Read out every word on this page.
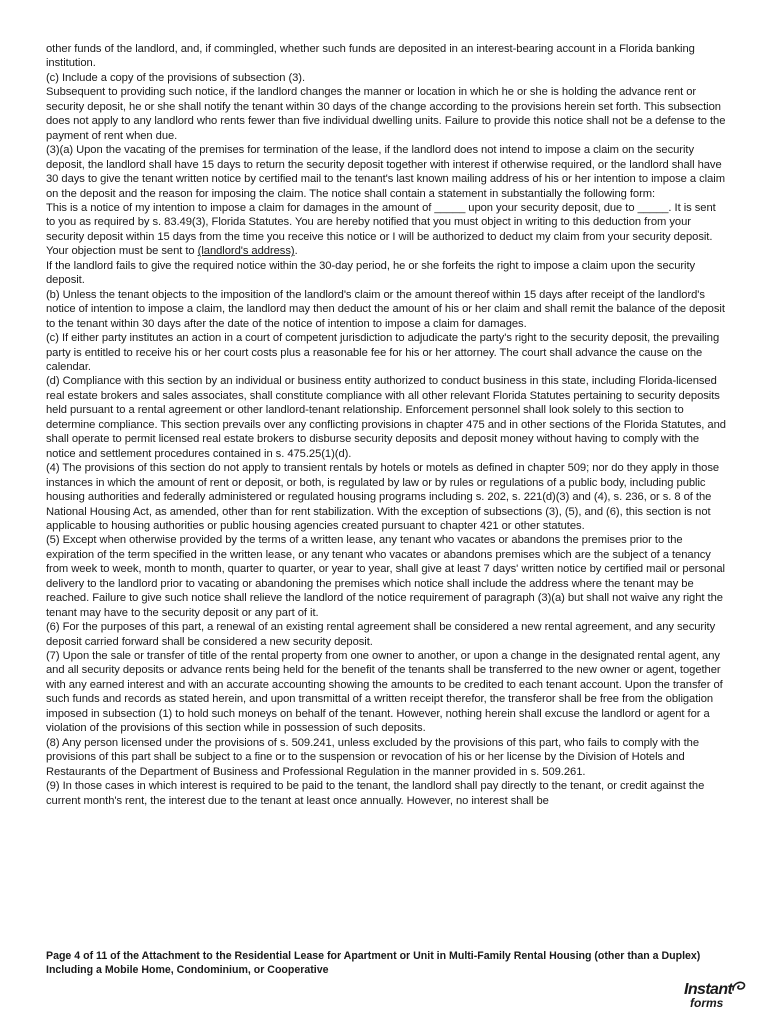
other funds of the landlord, and, if commingled, whether such funds are deposited in an interest-bearing account in a Florida banking institution.

(c) Include a copy of the provisions of subsection (3).

Subsequent to providing such notice, if the landlord changes the manner or location in which he or she is holding the advance rent or security deposit, he or she shall notify the tenant within 30 days of the change according to the provisions herein set forth. This subsection does not apply to any landlord who rents fewer than five individual dwelling units. Failure to provide this notice shall not be a defense to the payment of rent when due.

(3)(a) Upon the vacating of the premises for termination of the lease, if the landlord does not intend to impose a claim on the security deposit, the landlord shall have 15 days to return the security deposit together with interest if otherwise required, or the landlord shall have 30 days to give the tenant written notice by certified mail to the tenant's last known mailing address of his or her intention to impose a claim on the deposit and the reason for imposing the claim. The notice shall contain a statement in substantially the following form:

This is a notice of my intention to impose a claim for damages in the amount of _____ upon your security deposit, due to _____. It is sent to you as required by s. 83.49(3), Florida Statutes. You are hereby notified that you must object in writing to this deduction from your security deposit within 15 days from the time you receive this notice or I will be authorized to deduct my claim from your security deposit. Your objection must be sent to (landlord's address).

If the landlord fails to give the required notice within the 30-day period, he or she forfeits the right to impose a claim upon the security deposit.

(b) Unless the tenant objects to the imposition of the landlord's claim or the amount thereof within 15 days after receipt of the landlord's notice of intention to impose a claim, the landlord may then deduct the amount of his or her claim and shall remit the balance of the deposit to the tenant within 30 days after the date of the notice of intention to impose a claim for damages.

(c) If either party institutes an action in a court of competent jurisdiction to adjudicate the party's right to the security deposit, the prevailing party is entitled to receive his or her court costs plus a reasonable fee for his or her attorney. The court shall advance the cause on the calendar.

(d) Compliance with this section by an individual or business entity authorized to conduct business in this state, including Florida-licensed real estate brokers and sales associates, shall constitute compliance with all other relevant Florida Statutes pertaining to security deposits held pursuant to a rental agreement or other landlord-tenant relationship. Enforcement personnel shall look solely to this section to determine compliance. This section prevails over any conflicting provisions in chapter 475 and in other sections of the Florida Statutes, and shall operate to permit licensed real estate brokers to disburse security deposits and deposit money without having to comply with the notice and settlement procedures contained in s. 475.25(1)(d).

(4) The provisions of this section do not apply to transient rentals by hotels or motels as defined in chapter 509; nor do they apply in those instances in which the amount of rent or deposit, or both, is regulated by law or by rules or regulations of a public body, including public housing authorities and federally administered or regulated housing programs including s. 202, s. 221(d)(3) and (4), s. 236, or s. 8 of the National Housing Act, as amended, other than for rent stabilization. With the exception of subsections (3), (5), and (6), this section is not applicable to housing authorities or public housing agencies created pursuant to chapter 421 or other statutes.

(5) Except when otherwise provided by the terms of a written lease, any tenant who vacates or abandons the premises prior to the expiration of the term specified in the written lease, or any tenant who vacates or abandons premises which are the subject of a tenancy from week to week, month to month, quarter to quarter, or year to year, shall give at least 7 days' written notice by certified mail or personal delivery to the landlord prior to vacating or abandoning the premises which notice shall include the address where the tenant may be reached. Failure to give such notice shall relieve the landlord of the notice requirement of paragraph (3)(a) but shall not waive any right the tenant may have to the security deposit or any part of it.

(6) For the purposes of this part, a renewal of an existing rental agreement shall be considered a new rental agreement, and any security deposit carried forward shall be considered a new security deposit.

(7) Upon the sale or transfer of title of the rental property from one owner to another, or upon a change in the designated rental agent, any and all security deposits or advance rents being held for the benefit of the tenants shall be transferred to the new owner or agent, together with any earned interest and with an accurate accounting showing the amounts to be credited to each tenant account. Upon the transfer of such funds and records as stated herein, and upon transmittal of a written receipt therefor, the transferor shall be free from the obligation imposed in subsection (1) to hold such moneys on behalf of the tenant. However, nothing herein shall excuse the landlord or agent for a violation of the provisions of this section while in possession of such deposits.

(8) Any person licensed under the provisions of s. 509.241, unless excluded by the provisions of this part, who fails to comply with the provisions of this part shall be subject to a fine or to the suspension or revocation of his or her license by the Division of Hotels and Restaurants of the Department of Business and Professional Regulation in the manner provided in s. 509.261.

(9) In those cases in which interest is required to be paid to the tenant, the landlord shall pay directly to the tenant, or credit against the current month's rent, the interest due to the tenant at least once annually. However, no interest shall be

Page 4 of 11 of the Attachment to the Residential Lease for Apartment or Unit in Multi-Family Rental Housing (other than a Duplex) Including a Mobile Home, Condominium, or Cooperative
Instant
forms
